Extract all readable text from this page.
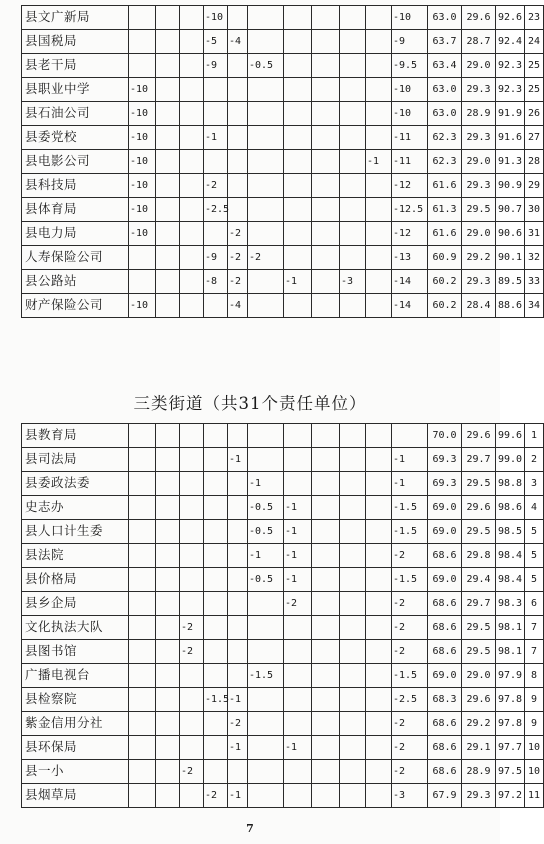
县文广新局				-10							-10	63.0	29.6	92.6	23
县国税局				-5	-4						-9	63.7	28.7	92.4	24
县老干局				-9		-0.5					-9.5	63.4	29.0	92.3	25
县职业中学	-10										-10	63.0	29.3	92.3	25
县石油公司	-10										-10	63.0	28.9	91.9	26
县委党校	-10			-1							-11	62.3	29.3	91.6	27
县电影公司	-10									-1	-11	62.3	29.0	91.3	28
县科技局	-10			-2							-12	61.6	29.3	90.9	29
县体育局	-10			-2.5							-12.5	61.3	29.5	90.7	30
县电力局	-10				-2						-12	61.6	29.0	90.6	31
人寿保险公司				-9	-2	-2					-13	60.9	29.2	90.1	32
县公路站				-8	-2		-1		-3		-14	60.2	29.3	89.5	33
财产保险公司	-10				-4						-14	60.2	28.4	88.6	34
三类街道（共31个责任单位）
县教育局												70.0	29.6	99.6	1
县司法局					-1						-1	69.3	29.7	99.0	2
县委政法委						-1					-1	69.3	29.5	98.8	3
史志办						-0.5	-1				-1.5	69.0	29.6	98.6	4
县人口计生委						-0.5	-1				-1.5	69.0	29.5	98.5	5
县法院						-1	-1				-2	68.6	29.8	98.4	5
县价格局						-0.5	-1				-1.5	69.0	29.4	98.4	5
县乡企局							-2				-2	68.6	29.7	98.3	6
文化执法大队			-2								-2	68.6	29.5	98.1	7
县图书馆			-2								-2	68.6	29.5	98.1	7
广播电视台						-1.5					-1.5	69.0	29.0	97.9	8
县检察院				-1.5	-1						-2.5	68.3	29.6	97.8	9
紫金信用分社					-2						-2	68.6	29.2	97.8	9
县环保局					-1		-1				-2	68.6	29.1	97.7	10
县一小			-2								-2	68.6	28.9	97.5	10
县烟草局				-2	-1						-3	67.9	29.3	97.2	11
7
